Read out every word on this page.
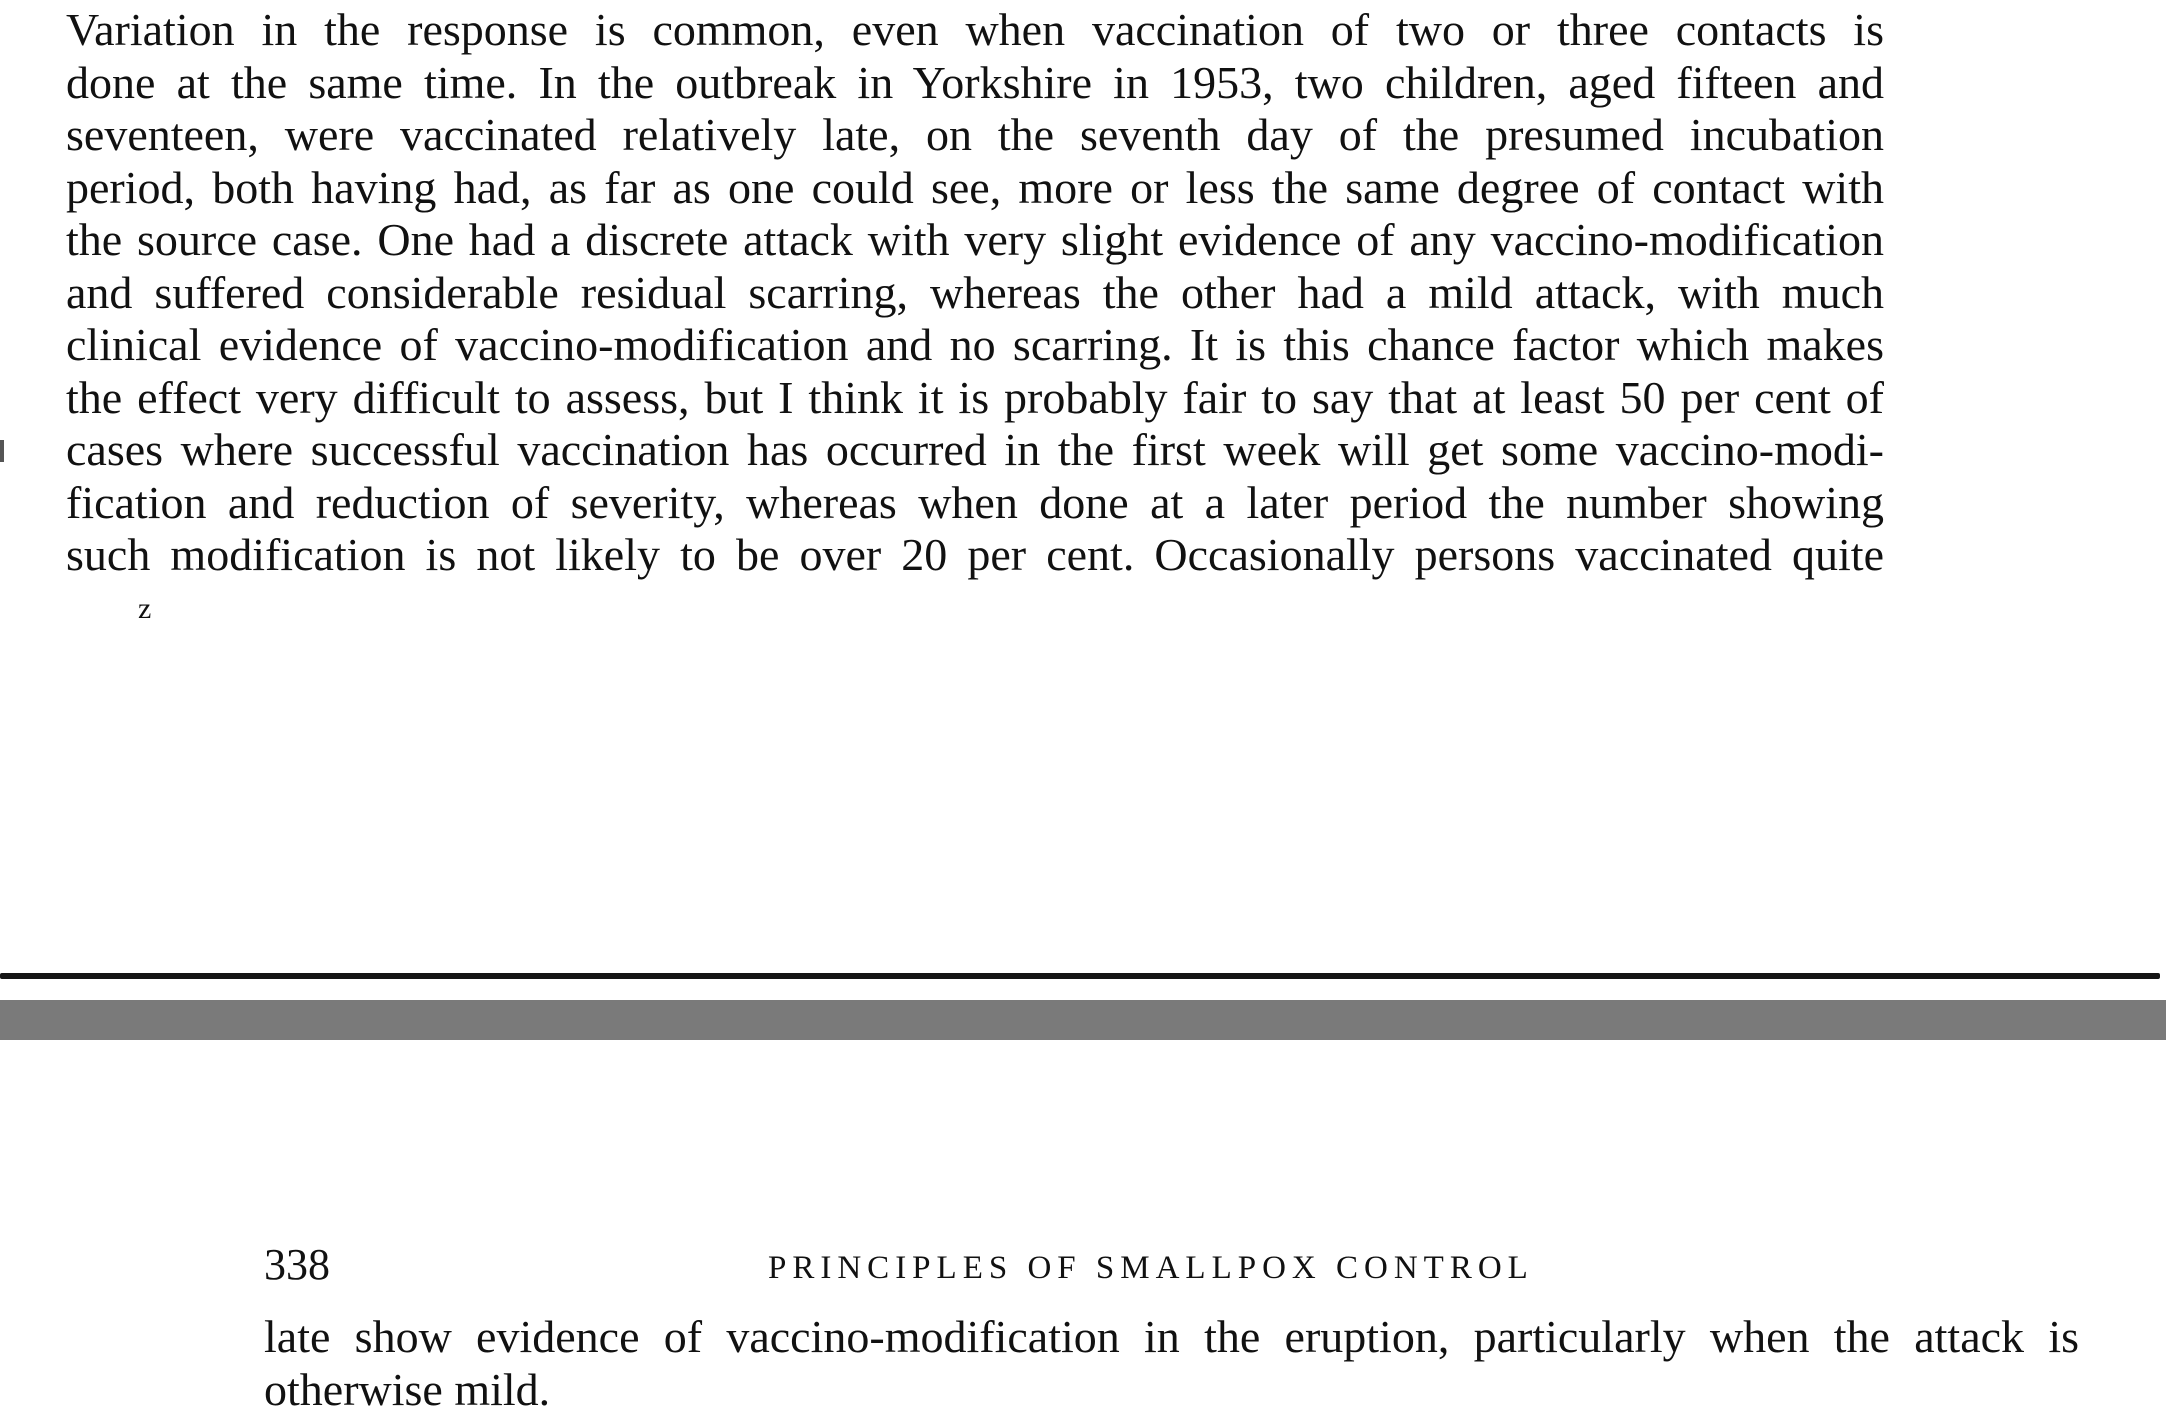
Variation in the response is common, even when vaccination of two or three contacts is
done at the same time. In the outbreak in Yorkshire in 1953, two children, aged fifteen and
seventeen, were vaccinated relatively late, on the seventh day of the presumed incubation
period, both having had, as far as one could see, more or less the same degree of contact with
the source case. One had a discrete attack with very slight evidence of any vaccino-modification
and suffered considerable residual scarring, whereas the other had a mild attack, with much
clinical evidence of vaccino-modification and no scarring. It is this chance factor which makes
the effect very difficult to assess, but I think it is probably fair to say that at least 50 per cent of
cases where successful vaccination has occurred in the first week will get some vaccino-modi-
fication and reduction of severity, whereas when done at a later period the number showing
such modification is not likely to be over 20 per cent. Occasionally persons vaccinated quite
z
338	PRINCIPLES OF SMALLPOX CONTROL
late show evidence of vaccino-modification in the eruption, particularly when the attack is
otherwise mild.
